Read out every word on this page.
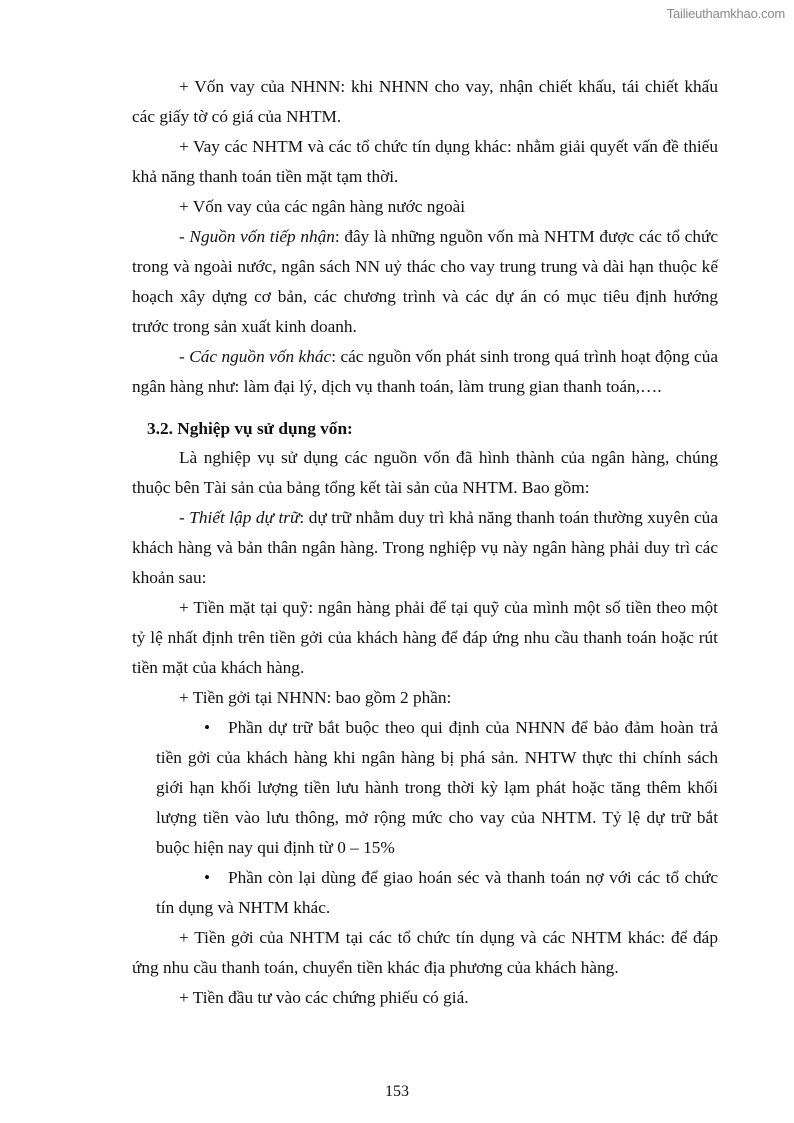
Tailieuthamkhao.com

+ Vốn vay của NHNN: khi NHNN cho vay, nhận chiết khấu, tái chiết khấu các giấy tờ có giá của NHTM.

+ Vay các NHTM và các tổ chức tín dụng khác: nhằm giải quyết vấn đề thiếu khả năng thanh toán tiền mặt tạm thời.

+ Vốn vay của các ngân hàng nước ngoài

- Nguồn vốn tiếp nhận: đây là những nguồn vốn mà NHTM được các tổ chức trong và ngoài nước, ngân sách NN uỷ thác cho vay trung trung và dài hạn thuộc kế hoạch xây dựng cơ bản, các chương trình và các dự án có mục tiêu định hướng trước trong sản xuất kinh doanh.

- Các nguồn vốn khác: các nguồn vốn phát sinh trong quá trình hoạt động của ngân hàng như: làm đại lý, dịch vụ thanh toán, làm trung gian thanh toán,….

3.2. Nghiệp vụ sử dụng vốn:

Là nghiệp vụ sử dụng các nguồn vốn đã hình thành của ngân hàng, chúng thuộc bên Tài sản của bảng tổng kết tài sản của NHTM. Bao gồm:

- Thiết lập dự trữ: dự trữ nhằm duy trì khả năng thanh toán thường xuyên của khách hàng và bản thân ngân hàng. Trong nghiệp vụ này ngân hàng phải duy trì các khoản sau:

+ Tiền mặt tại quỹ: ngân hàng phải để tại quỹ của mình một số tiền theo một tỷ lệ nhất định trên tiền gởi của khách hàng để đáp ứng nhu cầu thanh toán hoặc rút tiền mặt của khách hàng.

+ Tiền gởi tại NHNN: bao gồm 2 phần:

• Phần dự trữ bắt buộc theo qui định của NHNN để bảo đảm hoàn trả tiền gởi của khách hàng khi ngân hàng bị phá sản. NHTW thực thi chính sách giới hạn khối lượng tiền lưu hành trong thời kỳ lạm phát hoặc tăng thêm khối lượng tiền vào lưu thông, mở rộng mức cho vay của NHTM. Tỷ lệ dự trữ bắt buộc hiện nay qui định từ 0 – 15%

• Phần còn lại dùng để giao hoán séc và thanh toán nợ với các tổ chức tín dụng và NHTM khác.

+ Tiền gởi của NHTM tại các tổ chức tín dụng và các NHTM khác: để đáp ứng nhu cầu thanh toán, chuyển tiền khác địa phương của khách hàng.

+ Tiền đầu tư vào các chứng phiếu có giá.

153
